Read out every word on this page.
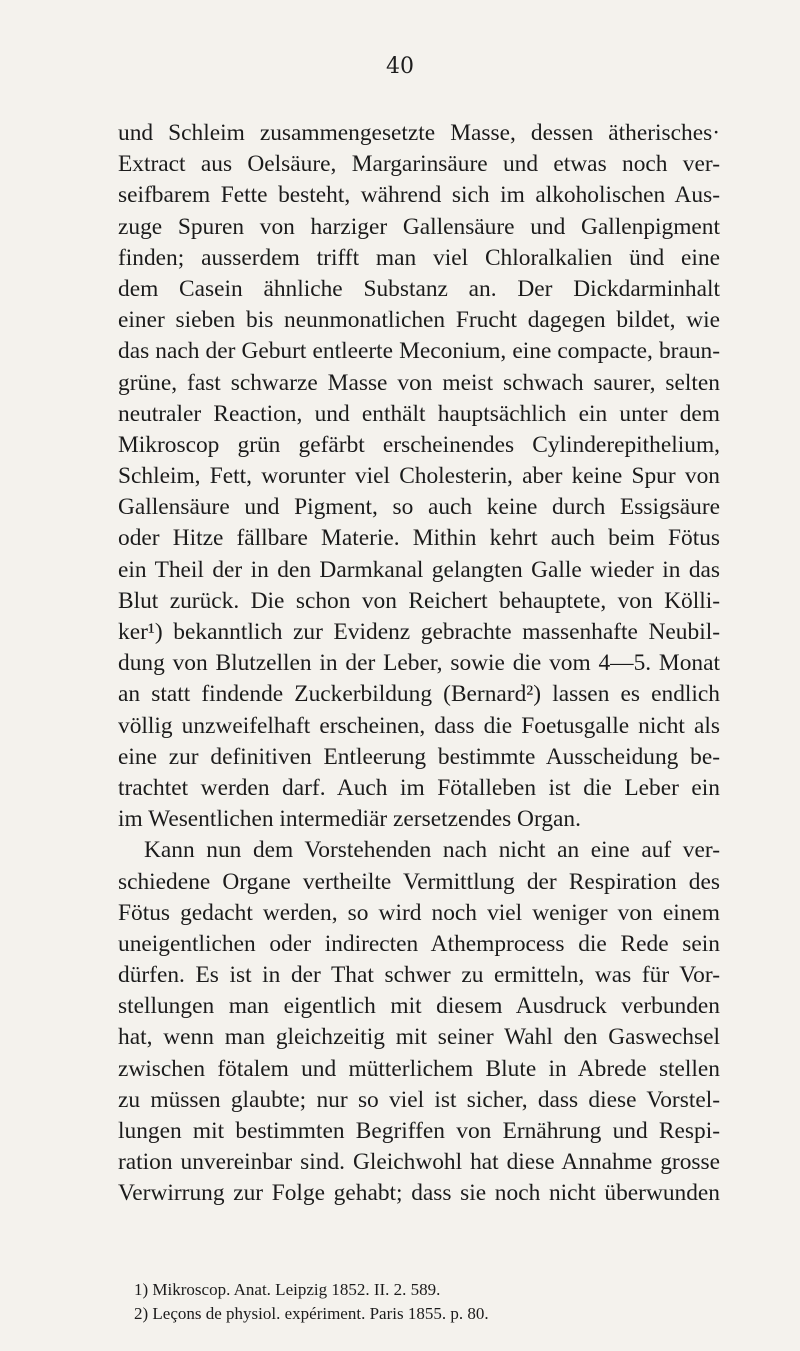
40
und Schleim zusammengesetzte Masse, dessen ätherisches·
Extract aus Oelsäure, Margarinsäure und etwas noch ver-
seifbarem Fette besteht, während sich im alkoholischen Aus-
zuge Spuren von harziger Gallensäure und Gallenpigment
finden; ausserdem trifft man viel Chloralkalien ünd eine
dem Casein ähnliche Substanz an. Der Dickdarminhalt
einer sieben bis neunmonatlichen Frucht dagegen bildet, wie
das nach der Geburt entleerte Meconium, eine compacte, braun-
grüne, fast schwarze Masse von meist schwach saurer, selten
neutraler Reaction, und enthält hauptsächlich ein unter dem
Mikroscop grün gefärbt erscheinendes Cylinderepithelium,
Schleim, Fett, worunter viel Cholesterin, aber keine Spur von
Gallensäure und Pigment, so auch keine durch Essigsäure
oder Hitze fällbare Materie. Mithin kehrt auch beim Fötus
ein Theil der in den Darmkanal gelangten Galle wieder in das
Blut zurück. Die schon von Reichert behauptete, von Kölli-
ker¹) bekanntlich zur Evidenz gebrachte massenhafte Neubil-
dung von Blutzellen in der Leber, sowie die vom 4—5. Monat
an statt findende Zuckerbildung (Bernard²) lassen es endlich
völlig unzweifelhaft erscheinen, dass die Foetusgalle nicht als
eine zur definitiven Entleerung bestimmte Ausscheidung be-
trachtet werden darf. Auch im Fötalleben ist die Leber ein
im Wesentlichen intermediär zersetzendes Organ.
Kann nun dem Vorstehenden nach nicht an eine auf ver-
schiedene Organe vertheilte Vermittlung der Respiration des
Fötus gedacht werden, so wird noch viel weniger von einem
uneigentlichen oder indirecten Athemprocess die Rede sein
dürfen. Es ist in der That schwer zu ermitteln, was für Vor-
stellungen man eigentlich mit diesem Ausdruck verbunden
hat, wenn man gleichzeitig mit seiner Wahl den Gaswechsel
zwischen fötalem und mütterlichem Blute in Abrede stellen
zu müssen glaubte; nur so viel ist sicher, dass diese Vorstel-
lungen mit bestimmten Begriffen von Ernährung und Respi-
ration unvereinbar sind. Gleichwohl hat diese Annahme grosse
Verwirrung zur Folge gehabt; dass sie noch nicht überwunden
1) Mikroscop. Anat. Leipzig 1852. II. 2. 589.
2) Leçons de physiol. expériment. Paris 1855. p. 80.
